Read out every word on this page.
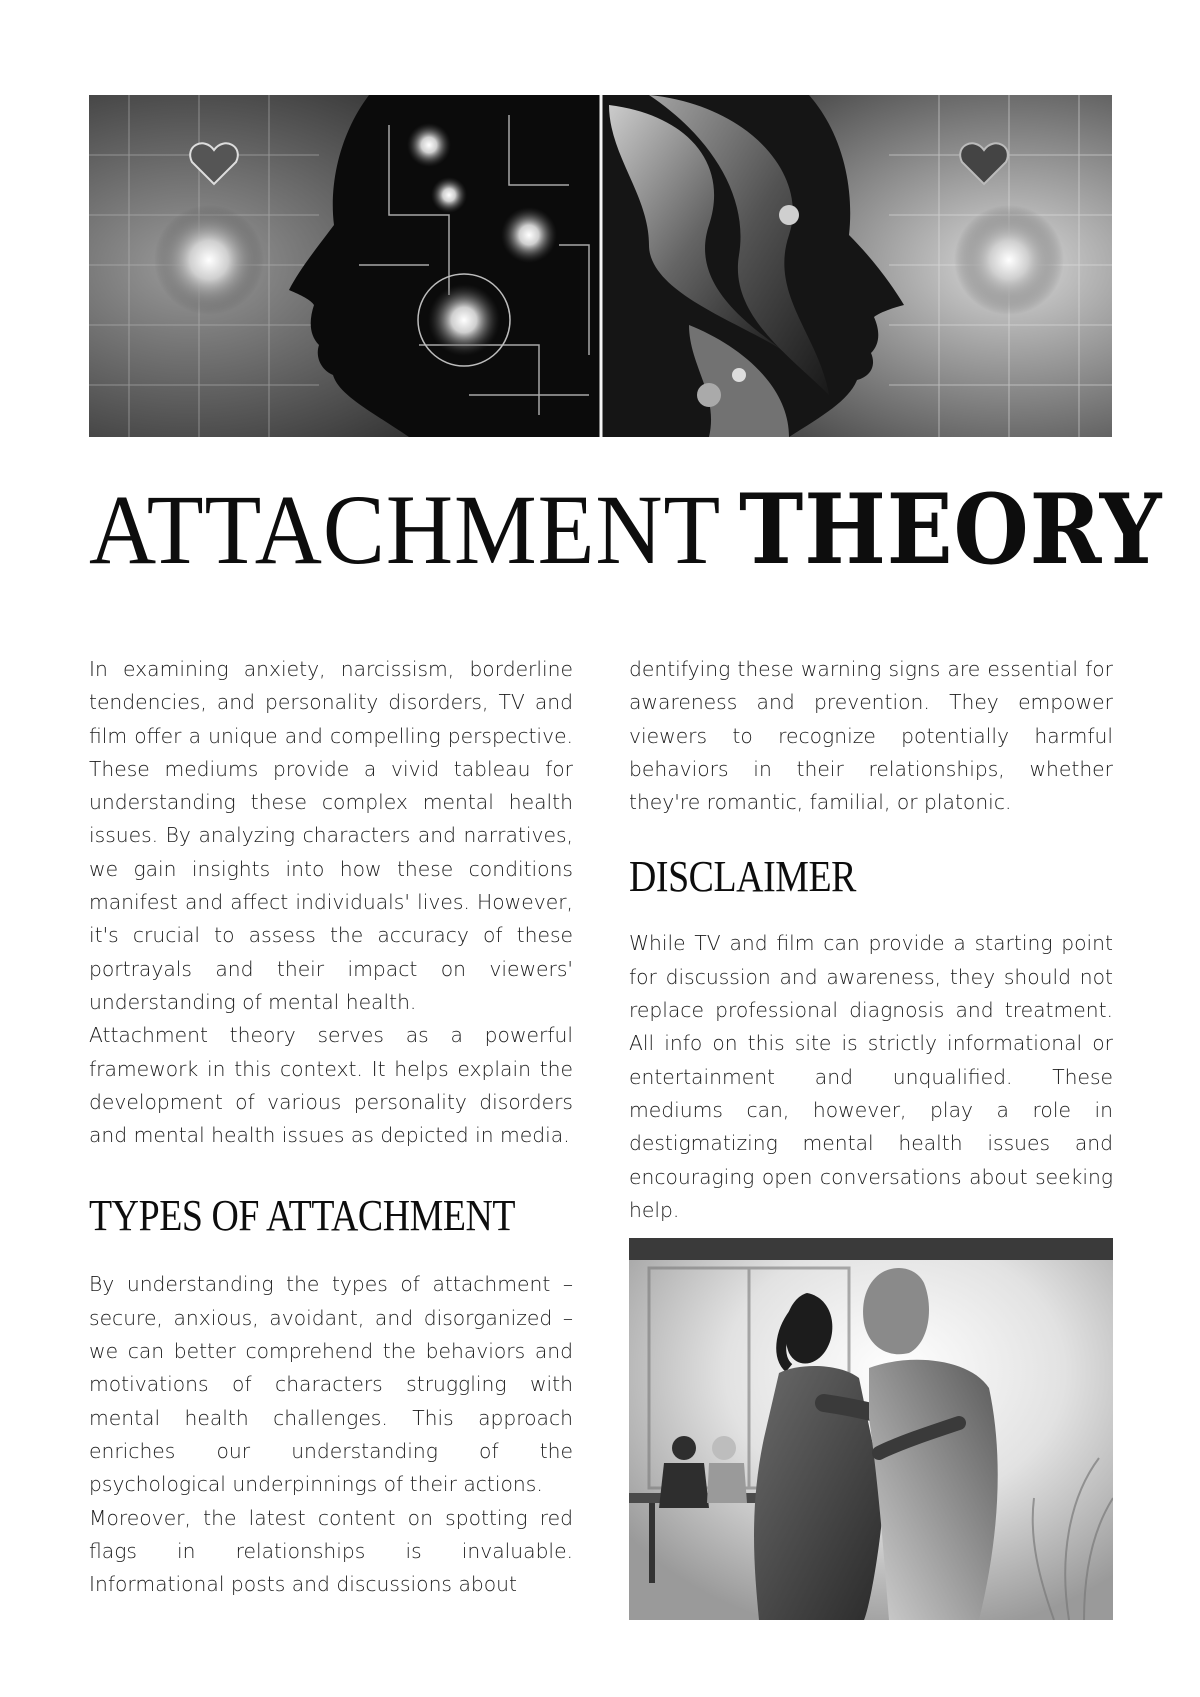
ATTACHMENT THEORY

In examining anxiety, narcissism, borderline tendencies, and personality disorders, TV and film offer a unique and compelling perspective. These mediums provide a vivid tableau for understanding these complex mental health issues. By analyzing characters and narratives, we gain insights into how these conditions manifest and affect individuals' lives. However, it's crucial to assess the accuracy of these portrayals and their impact on viewers' understanding of mental health.

Attachment theory serves as a powerful framework in this context. It helps explain the development of various personality disorders and mental health issues as depicted in media.

TYPES OF ATTACHMENT

By understanding the types of attachment – secure, anxious, avoidant, and disorganized – we can better comprehend the behaviors and motivations of characters struggling with mental health challenges. This approach enriches our understanding of the psychological underpinnings of their actions.

Moreover, the latest content on spotting red flags in relationships is invaluable. Informational posts and discussions about

dentifying these warning signs are essential for awareness and prevention. They empower viewers to recognize potentially harmful behaviors in their relationships, whether they're romantic, familial, or platonic.

DISCLAIMER

While TV and film can provide a starting point for discussion and awareness, they should not replace professional diagnosis and treatment. All info on this site is strictly informational or entertainment and unqualified. These mediums can, however, play a role in destigmatizing mental health issues and encouraging open conversations about seeking help.
